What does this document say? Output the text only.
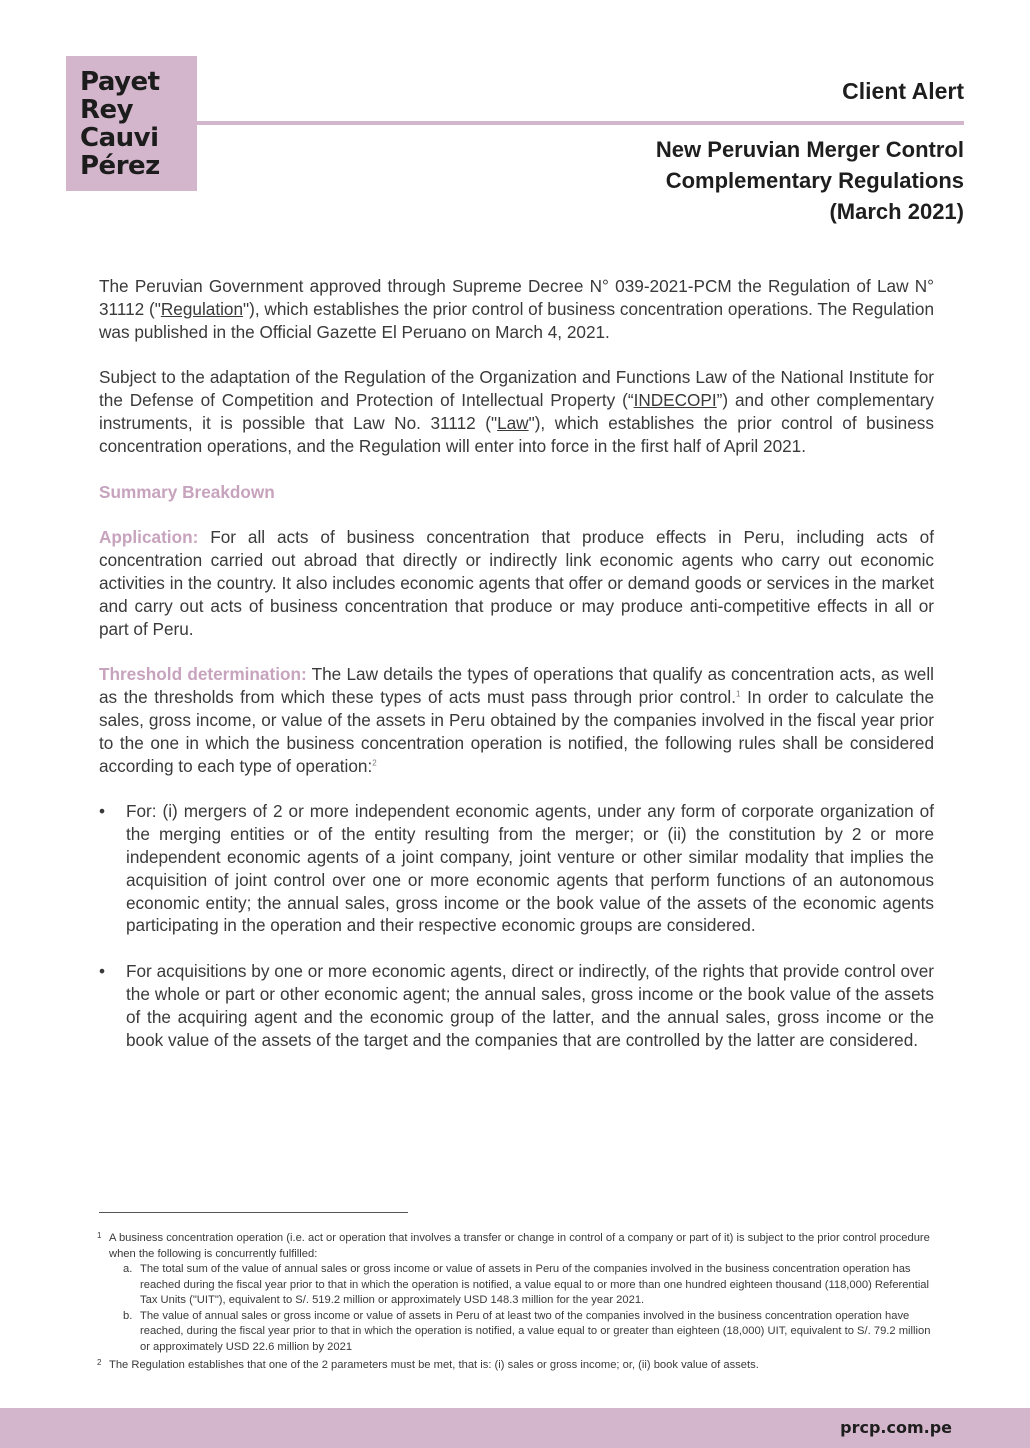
Payet
Rey
Cauvi
Pérez
Client Alert
New Peruvian Merger Control
Complementary Regulations
(March 2021)

The Peruvian Government approved through Supreme Decree N° 039-2021-PCM the Regulation of Law N° 31112 ("Regulation"), which establishes the prior control of business concentration operations. The Regulation was published in the Official Gazette El Peruano on March 4, 2021.

Subject to the adaptation of the Regulation of the Organization and Functions Law of the National Institute for the Defense of Competition and Protection of Intellectual Property (“INDECOPI”) and other complementary instruments, it is possible that Law No. 31112 ("Law"), which establishes the prior control of business concentration operations, and the Regulation will enter into force in the first half of April 2021.

Summary Breakdown

Application: For all acts of business concentration that produce effects in Peru, including acts of concentration carried out abroad that directly or indirectly link economic agents who carry out economic activities in the country. It also includes economic agents that offer or demand goods or services in the market and carry out acts of business concentration that produce or may produce anti-competitive effects in all or part of Peru.

Threshold determination: The Law details the types of operations that qualify as concentration acts, as well as the thresholds from which these types of acts must pass through prior control.$^1$ In order to calculate the sales, gross income, or value of the assets in Peru obtained by the companies involved in the fiscal year prior to the one in which the business concentration operation is notified, the following rules shall be considered according to each type of operation:$^2$

• For: (i) mergers of 2 or more independent economic agents, under any form of corporate organization of the merging entities or of the entity resulting from the merger; or (ii) the constitution by 2 or more independent economic agents of a joint company, joint venture or other similar modality that implies the acquisition of joint control over one or more economic agents that perform functions of an autonomous economic entity; the annual sales, gross income or the book value of the assets of the economic agents participating in the operation and their respective economic groups are considered.
• For acquisitions by one or more economic agents, direct or indirectly, of the rights that provide control over the whole or part or other economic agent; the annual sales, gross income or the book value of the assets of the acquiring agent and the economic group of the latter, and the annual sales, gross income or the book value of the assets of the target and the companies that are controlled by the latter are considered.
1 A business concentration operation (i.e. act or operation that involves a transfer or change in control of a company or part of it) is subject to the prior control procedure when the following is concurrently fulfilled:
a. The total sum of the value of annual sales or gross income or value of assets in Peru of the companies involved in the business concentration operation has reached during the fiscal year prior to that in which the operation is notified, a value equal to or more than one hundred eighteen thousand (118,000) Referential Tax Units ("UIT"), equivalent to S/. 519.2 million or approximately USD 148.3 million for the year 2021.
b. The value of annual sales or gross income or value of assets in Peru of at least two of the companies involved in the business concentration operation have reached, during the fiscal year prior to that in which the operation is notified, a value equal to or greater than eighteen (18,000) UIT, equivalent to S/. 79.2 million or approximately USD 22.6 million by 2021
2 The Regulation establishes that one of the 2 parameters must be met, that is: (i) sales or gross income; or, (ii) book value of assets.
prcp.com.pe
